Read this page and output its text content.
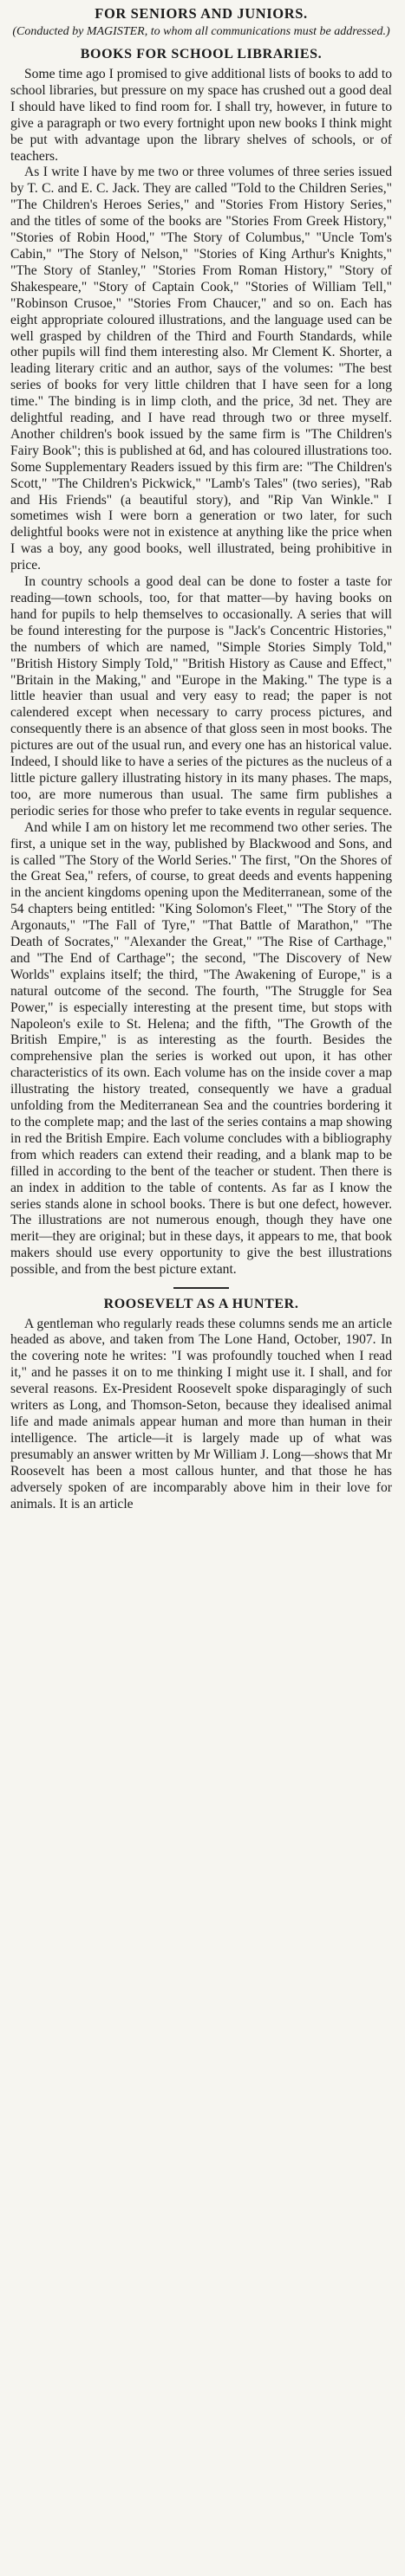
FOR SENIORS AND JUNIORS.
(Conducted by MAGISTER, to whom all communications must be addressed.)
BOOKS FOR SCHOOL LIBRARIES.

Some time ago I promised to give additional lists of books to add to school libraries, but pressure on my space has crushed out a good deal I should have liked to find room for. I shall try, however, in future to give a paragraph or two every fortnight upon new books I think might be put with advantage upon the library shelves of schools, or of teachers.

As I write I have by me two or three volumes of three series issued by T. C. and E. C. Jack. They are called "Told to the Children Series," "The Children's Heroes Series," and "Stories From History Series," and the titles of some of the books are "Stories From Greek History," "Stories of Robin Hood," "The Story of Columbus," "Uncle Tom's Cabin," "The Story of Nelson," "Stories of King Arthur's Knights," "The Story of Stanley," "Stories From Roman History," "Story of Shakespeare," "Story of Captain Cook," "Stories of William Tell," "Robinson Crusoe," "Stories From Chaucer," and so on. Each has eight appropriate coloured illustrations, and the language used can be well grasped by children of the Third and Fourth Standards, while other pupils will find them interesting also. Mr Clement K. Shorter, a leading literary critic and an author, says of the volumes: "The best series of books for very little children that I have seen for a long time." The binding is in limp cloth, and the price, 3d net. They are delightful reading, and I have read through two or three myself. Another children's book issued by the same firm is "The Children's Fairy Book"; this is published at 6d, and has coloured illustrations too. Some Supplementary Readers issued by this firm are: "The Children's Scott," "The Children's Pickwick," "Lamb's Tales" (two series), "Rab and His Friends" (a beautiful story), and "Rip Van Winkle." I sometimes wish I were born a generation or two later, for such delightful books were not in existence at anything like the price when I was a boy, any good books, well illustrated, being prohibitive in price.

In country schools a good deal can be done to foster a taste for reading—town schools, too, for that matter—by having books on hand for pupils to help themselves to occasionally. A series that will be found interesting for the purpose is "Jack's Concentric Histories," the numbers of which are named, "Simple Stories Simply Told," "British History Simply Told," "British History as Cause and Effect," "Britain in the Making," and "Europe in the Making." The type is a little heavier than usual and very easy to read; the paper is not calendered except when necessary to carry process pictures, and consequently there is an absence of that gloss seen in most books. The pictures are out of the usual run, and every one has an historical value. Indeed, I should like to have a series of the pictures as the nucleus of a little picture gallery illustrating history in its many phases. The maps, too, are more numerous than usual. The same firm publishes a periodic series for those who prefer to take events in regular sequence.

And while I am on history let me recommend two other series. The first, a unique set in the way, published by Blackwood and Sons, and is called "The Story of the World Series." The first, "On the Shores of the Great Sea," refers, of course, to great deeds and events happening in the ancient kingdoms opening upon the Mediterranean, some of the 54 chapters being entitled: "King Solomon's Fleet," "The Story of the Argonauts," "The Fall of Tyre," "That Battle of Marathon," "The Death of Socrates," "Alexander the Great," "The Rise of Carthage," and "The End of Carthage"; the second, "The Discovery of New Worlds" explains itself; the third, "The Awakening of Europe," is a natural outcome of the second. The fourth, "The Struggle for Sea Power," is especially interesting at the present time, but stops with Napoleon's exile to St. Helena; and the fifth, "The Growth of the British Empire," is as interesting as the fourth. Besides the comprehensive plan the series is worked out upon, it has other characteristics of its own. Each volume has on the inside cover a map illustrating the history treated, consequently we have a gradual unfolding from the Mediterranean Sea and the countries bordering it to the complete map; and the last of the series contains a map showing in red the British Empire. Each volume concludes with a bibliography from which readers can extend their reading, and a blank map to be filled in according to the bent of the teacher or student. Then there is an index in addition to the table of contents. As far as I know the series stands alone in school books. There is but one defect, however. The illustrations are not numerous enough, though they have one merit—they are original; but in these days, it appears to me, that book makers should use every opportunity to give the best illustrations possible, and from the best picture extant.

ROOSEVELT AS A HUNTER.

A gentleman who regularly reads these columns sends me an article headed as above, and taken from The Lone Hand, October, 1907. In the covering note he writes: "I was profoundly touched when I read it," and he passes it on to me thinking I might use it. I shall, and for several reasons. Ex-President Roosevelt spoke disparagingly of such writers as Long, and Thomson-Seton, because they idealised animal life and made animals appear human and more than human in their intelligence. The article—it is largely made up of what was presumably an answer written by Mr William J. Long—shows that Mr Roosevelt has been a most callous hunter, and that those he has adversely spoken of are incomparably above him in their love for animals. It is an article
